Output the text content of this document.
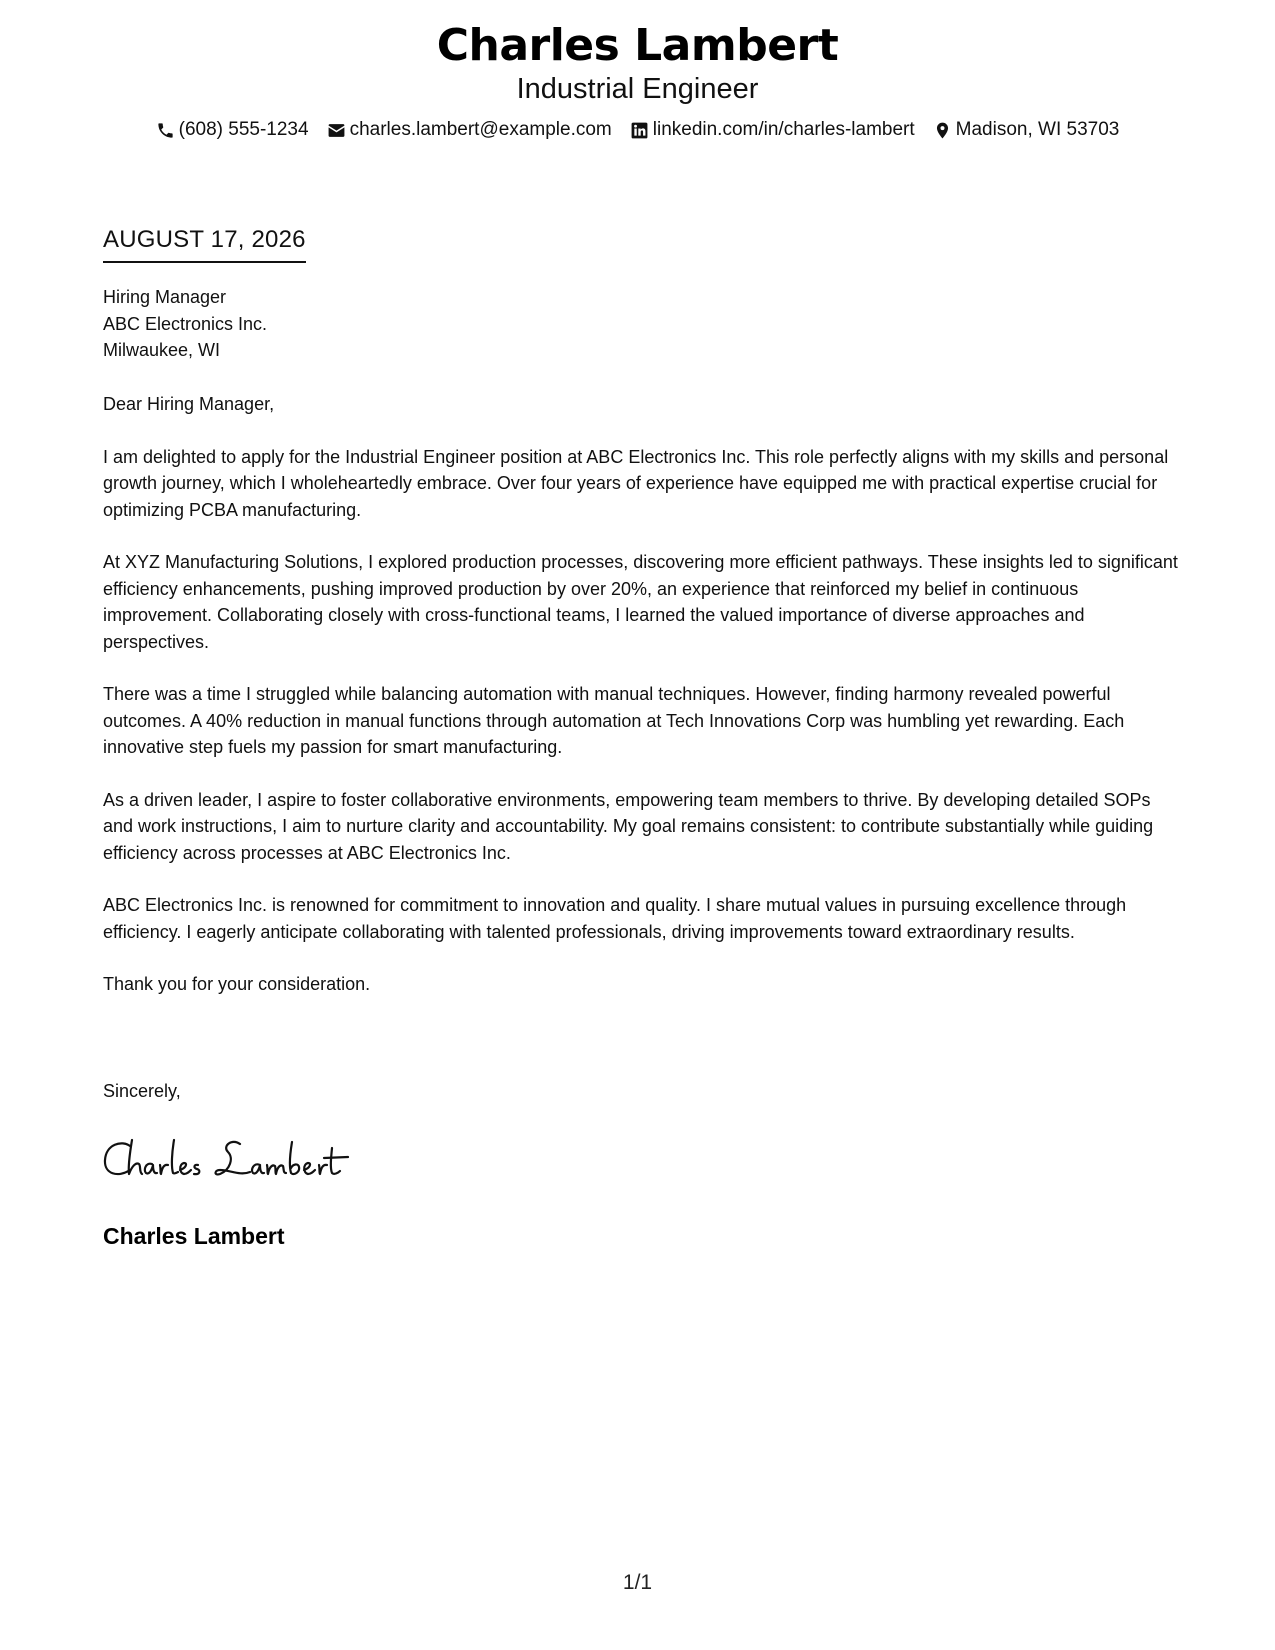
Charles Lambert
Industrial Engineer
(608) 555-1234 charles.lambert@example.com linkedin.com/in/charles-lambert Madison, WI 53703
AUGUST 17, 2026
Hiring Manager
ABC Electronics Inc.
Milwaukee, WI

Dear Hiring Manager,

I am delighted to apply for the Industrial Engineer position at ABC Electronics Inc. This role perfectly aligns with my skills and personal growth journey, which I wholeheartedly embrace. Over four years of experience have equipped me with practical expertise crucial for optimizing PCBA manufacturing.

At XYZ Manufacturing Solutions, I explored production processes, discovering more efficient pathways. These insights led to significant efficiency enhancements, pushing improved production by over 20%, an experience that reinforced my belief in continuous improvement. Collaborating closely with cross-functional teams, I learned the valued importance of diverse approaches and perspectives.

There was a time I struggled while balancing automation with manual techniques. However, finding harmony revealed powerful outcomes. A 40% reduction in manual functions through automation at Tech Innovations Corp was humbling yet rewarding. Each innovative step fuels my passion for smart manufacturing.

As a driven leader, I aspire to foster collaborative environments, empowering team members to thrive. By developing detailed SOPs and work instructions, I aim to nurture clarity and accountability. My goal remains consistent: to contribute substantially while guiding efficiency across processes at ABC Electronics Inc.

ABC Electronics Inc. is renowned for commitment to innovation and quality. I share mutual values in pursuing excellence through efficiency. I eagerly anticipate collaborating with talented professionals, driving improvements toward extraordinary results.

Thank you for your consideration.

Sincerely,
Charles Lambert
1/1
